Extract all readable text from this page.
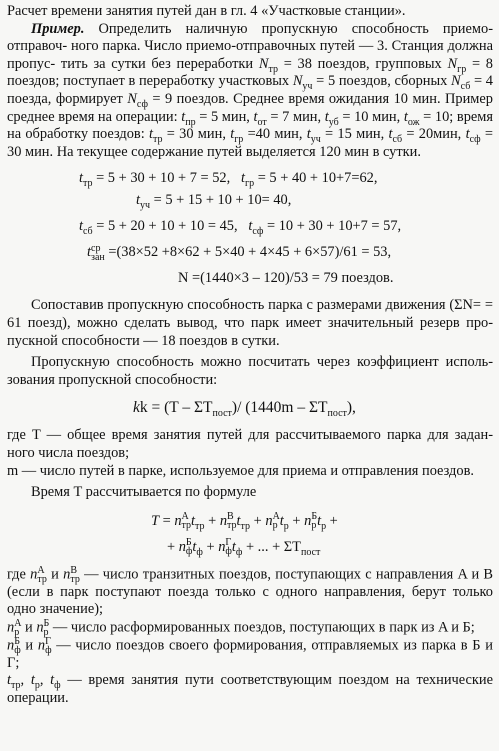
Расчет времени занятия путей дан в гл. 4 «Участковые станции».

Пример. Определить наличную пропускную способность приемо-отправоч- ного парка. Число приемо-отправочных путей — 3. Станция должна пропус- тить за сутки без переработки $N_{тр} = 38$ поездов, групповых $N_{гр} = 8$ поездов; поступает в переработку участковых $N_{уч} = 5$ поездов, сборных $N_{сб} = 4$ поезда, формирует $N_{сф} = 9$ поездов. Среднее время ожидания 10 мин. Пример среднее время на операции: $t_{пр} = 5$ мин, $t_{от} = 7$ мин, $t_{уб} = 10$ мин, $t_{ож} = 10$; время на обработку поездов: $t_{тр} = 30$ мин, $t_{гр} =40$ мин, $t_{уч} = 15$ мин, $t_{сб} = 20мин$, $t_{сф} = 30$ мин. На текущее содержание путей выделяется 120 мин в сутки.

$t_{тр} = 5 + 30 + 10 + 7 = 52$, $t_{гр} = 5 + 40 + 10+7=62$,

$t_{уч} = 5 + 15 + 10 + 10= 40$,

$t_{сб} = 5 + 20 + 10 + 10 = 45$, $t_{сф} = 10 + 30 + 10+7 = 57$,

t ср
зан =(38×52 +8×62 + 5×40 + 4×45 + 6×57)/61 = 53,

N =(1440×3 – 120)/53 = 79 поездов.

Сопоставив пропускную способность парка с размерами движения (ΣN= = 61 поезд), можно сделать вывод, что парк имеет значительный резерв про- пускной способности — 18 поездов в сутки.

Пропускную способность можно посчитать через коэффициент исполь- зования пропускной способности:

kk = $(T - \Sigma T_{пост})/$ $(1440m - \Sigma T_{пост})$,

где T — общее время занятия путей для рассчитываемого парка для задан- ного числа поездов;

m — число путей в парке, используемое для приема и отправления поездов.

Время T рассчитывается по формуле

T = n A
тр $t_{тр} + n$ B
тр $t_{тр} + n$ A
р $t_р + n$ Б
р $t_р$ +

+ n Б
ф $t_ф + n$ Г
ф $t_ф$ + ... + $\Sigma T_{пост}$

где n A
тр и n B
тр — число транзитных поездов, поступающих с направления A и B (если в парк поступают поезда только с одного направления, берут только одно значение);

n A
р и n Б
р — число расформированных поездов, поступающих в парк из A и Б;

n Б
ф и n Г
ф — число поездов своего формирования, отправляемых из парка в Б и Г;

$t_{тр}$, $t_р$, $t_ф$ — время занятия пути соответствующим поездом на технические операции.
